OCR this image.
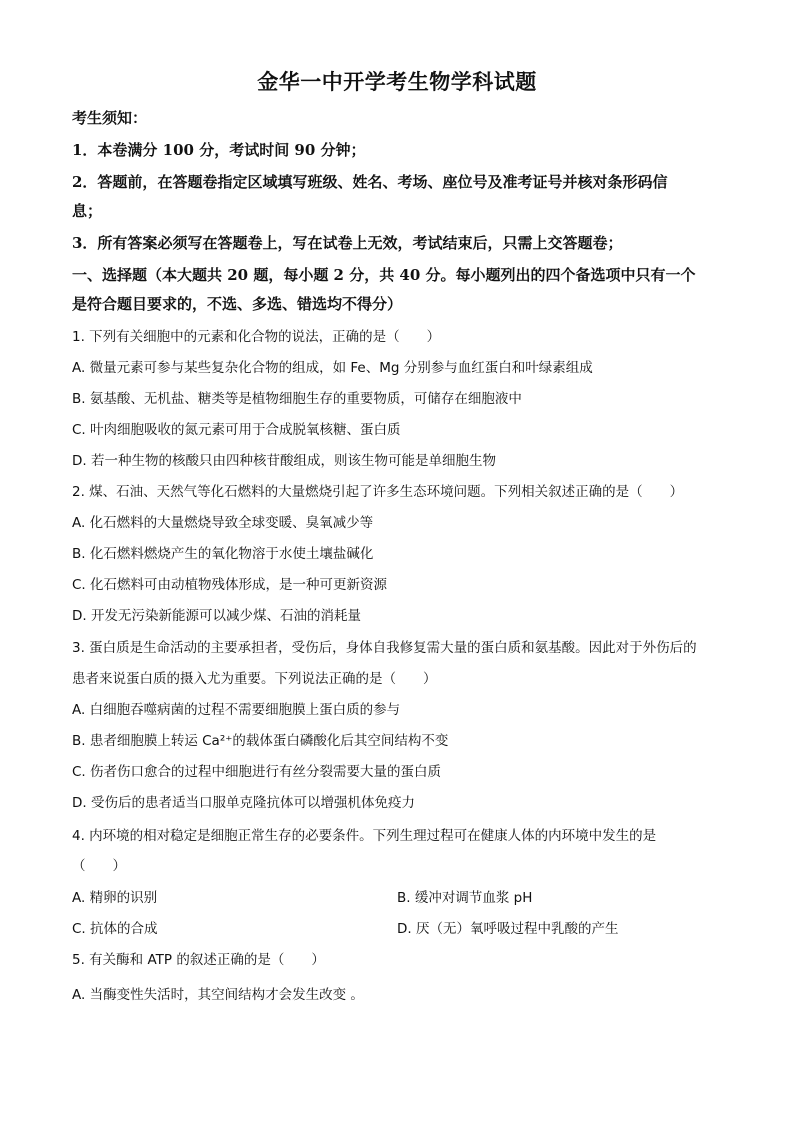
金华一中开学考生物学科试题
考生须知：
1．本卷满分 100 分，考试时间 90 分钟；
2．答题前，在答题卷指定区域填写班级、姓名、考场、座位号及准考证号并核对条形码信
息；
3．所有答案必须写在答题卷上，写在试卷上无效，考试结束后，只需上交答题卷；
一、选择题（本大题共 20 题，每小题 2 分，共 40 分。每小题列出的四个备选项中只有一个
是符合题目要求的，不选、多选、错选均不得分）
1. 下列有关细胞中的元素和化合物的说法，正确的是（　　）
A. 微量元素可参与某些复杂化合物的组成，如 Fe、Mg 分别参与血红蛋白和叶绿素组成
B. 氨基酸、无机盐、糖类等是植物细胞生存的重要物质，可储存在细胞液中
C. 叶肉细胞吸收的氮元素可用于合成脱氧核糖、蛋白质
D. 若一种生物的核酸只由四种核苷酸组成，则该生物可能是单细胞生物
2. 煤、石油、天然气等化石燃料的大量燃烧引起了许多生态环境问题。下列相关叙述正确的是（　　）
A. 化石燃料的大量燃烧导致全球变暖、臭氧减少等
B. 化石燃料燃烧产生的氧化物溶于水使土壤盐碱化
C. 化石燃料可由动植物残体形成，是一种可更新资源
D. 开发无污染新能源可以减少煤、石油的消耗量
3. 蛋白质是生命活动的主要承担者，受伤后，身体自我修复需大量的蛋白质和氨基酸。因此对于外伤后的
患者来说蛋白质的摄入尤为重要。下列说法正确的是（　　）
A. 白细胞吞噬病菌的过程不需要细胞膜上蛋白质的参与
B. 患者细胞膜上转运 Ca²⁺的载体蛋白磷酸化后其空间结构不变
C. 伤者伤口愈合的过程中细胞进行有丝分裂需要大量的蛋白质
D. 受伤后的患者适当口服单克隆抗体可以增强机体免疫力
4. 内环境的相对稳定是细胞正常生存的必要条件。下列生理过程可在健康人体的内环境中发生的是
（　　）
A. 精卵的识别	B. 缓冲对调节血浆 pH
C. 抗体的合成	D. 厌（无）氧呼吸过程中乳酸的产生
5. 有关酶和 ATP 的叙述正确的是（　　）
A. 当酶变性失活时，其空间结构才会发生改变 。
